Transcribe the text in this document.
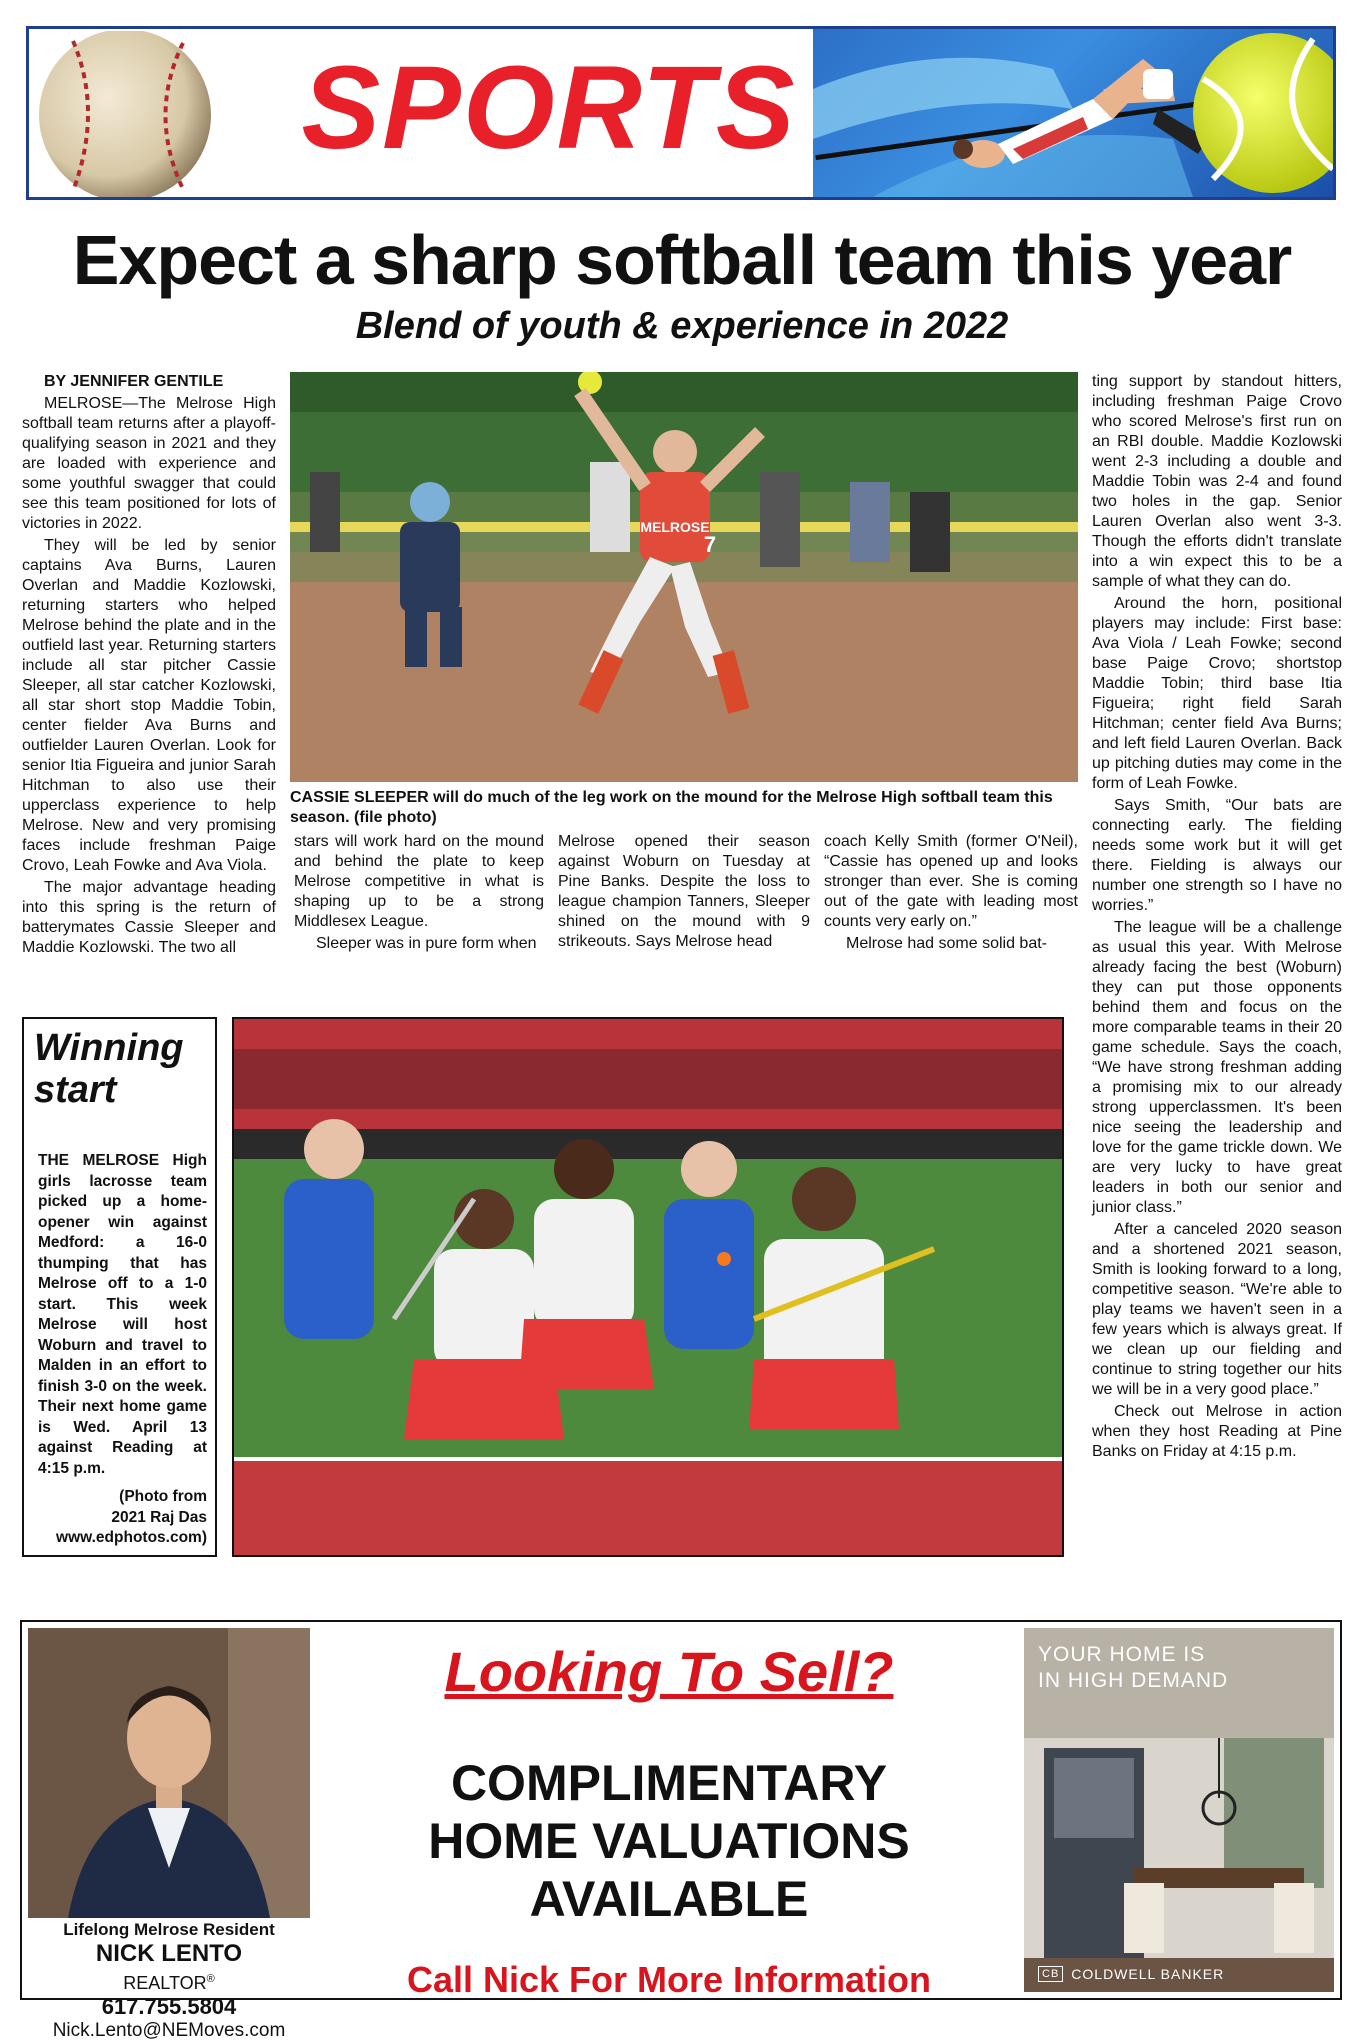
SPORTS
Expect a sharp softball team this year
Blend of youth & experience in 2022
BY JENNIFER GENTILE

MELROSE—The Melrose High softball team returns after a playoff-qualifying season in 2021 and they are loaded with experience and some youthful swagger that could see this team positioned for lots of victories in 2022.

They will be led by senior captains Ava Burns, Lauren Overlan and Maddie Kozlowski, returning starters who helped Melrose behind the plate and in the outfield last year. Returning starters include all star pitcher Cassie Sleeper, all star catcher Kozlowski, all star short stop Maddie Tobin, center fielder Ava Burns and outfielder Lauren Overlan. Look for senior Itia Figueira and junior Sarah Hitchman to also use their upperclass experience to help Melrose. New and very promising faces include freshman Paige Crovo, Leah Fowke and Ava Viola.

The major advantage heading into this spring is the return of batterymates Cassie Sleeper and Maddie Kozlowski. The two all

MELROSE
7
CASSIE SLEEPER will do much of the leg work on the mound for the Melrose High softball team this season. (file photo)

stars will work hard on the mound and behind the plate to keep Melrose competitive in what is shaping up to be a strong Middlesex League.

Sleeper was in pure form when

Melrose opened their season against Woburn on Tuesday at Pine Banks. Despite the loss to league champion Tanners, Sleeper shined on the mound with 9 strikeouts. Says Melrose head

coach Kelly Smith (former O'Neil), “Cassie has opened up and looks stronger than ever. She is coming out of the gate with leading most counts very early on.”

Melrose had some solid bat-

ting support by standout hitters, including freshman Paige Crovo who scored Melrose's first run on an RBI double. Maddie Kozlowski went 2-3 including a double and Maddie Tobin was 2-4 and found two holes in the gap. Senior Lauren Overlan also went 3-3. Though the efforts didn't translate into a win expect this to be a sample of what they can do.

Around the horn, positional players may include: First base: Ava Viola / Leah Fowke; second base Paige Crovo; shortstop Maddie Tobin; third base Itia Figueira; right field Sarah Hitchman; center field Ava Burns; and left field Lauren Overlan. Back up pitching duties may come in the form of Leah Fowke.

Says Smith, “Our bats are connecting early. The fielding needs some work but it will get there. Fielding is always our number one strength so I have no worries.”

The league will be a challenge as usual this year. With Melrose already facing the best (Woburn) they can put those opponents behind them and focus on the more comparable teams in their 20 game schedule. Says the coach, “We have strong freshman adding a promising mix to our already strong upperclassmen. It's been nice seeing the leadership and love for the game trickle down. We are very lucky to have great leaders in both our senior and junior class.”

After a canceled 2020 season and a shortened 2021 season, Smith is looking forward to a long, competitive season. “We're able to play teams we haven't seen in a few years which is always great. If we clean up our fielding and continue to string together our hits we will be in a very good place.”

Check out Melrose in action when they host Reading at Pine Banks on Friday at 4:15 p.m.

Winning
start
THE MELROSE High girls lacrosse team picked up a home-opener win against Medford: a 16-0 thumping that has Melrose off to a 1-0 start. This week Melrose will host Woburn and travel to Malden in an effort to finish 3-0 on the week. Their next home game is Wed. April 13 against Reading at 4:15 p.m.
(Photo from
2021 Raj Das
www.edphotos.com)
Lifelong Melrose Resident
NICK LENTO
REALTOR®
617.755.5804
Nick.Lento@NEMoves.com
Looking To Sell?
COMPLIMENTARY
HOME VALUATIONS
AVAILABLE
Call Nick For More Information
YOUR HOME IS
IN HIGH DEMAND
CB COLDWELL BANKER
